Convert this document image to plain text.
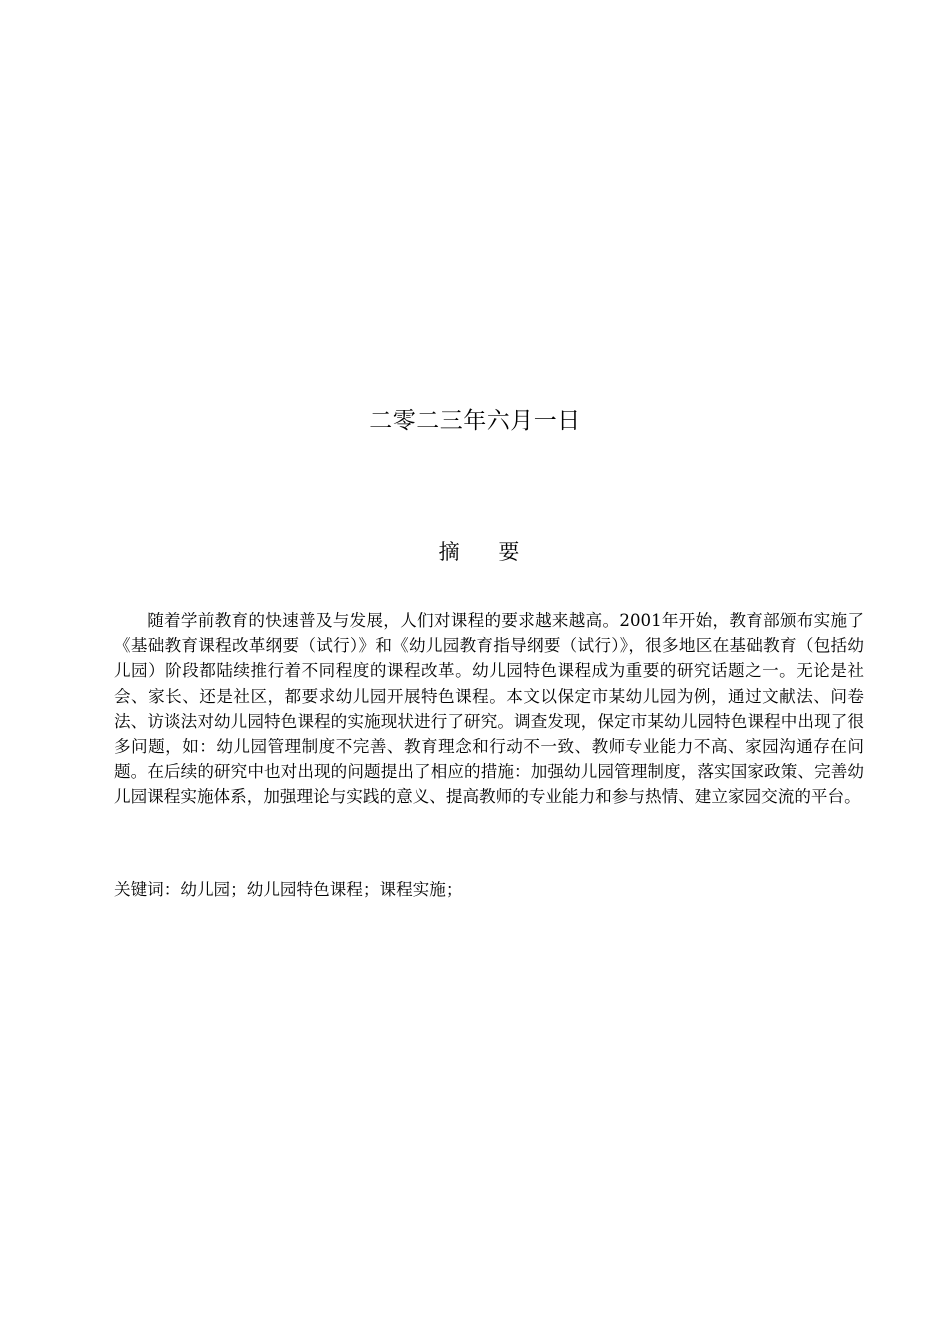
二零二三年六月一日
摘 要

随着学前教育的快速普及与发展，人们对课程的要求越来越高。2001年开始，教育部颁布实施了《基础教育课程改革纲要（试行）》和《幼儿园教育指导纲要（试行）》，很多地区在基础教育（包括幼儿园）阶段都陆续推行着不同程度的课程改革。幼儿园特色课程成为重要的研究话题之一。无论是社会、家长、还是社区，都要求幼儿园开展特色课程。本文以保定市某幼儿园为例，通过文献法、问卷法、访谈法对幼儿园特色课程的实施现状进行了研究。调查发现，保定市某幼儿园特色课程中出现了很多问题，如：幼儿园管理制度不完善、教育理念和行动不一致、教师专业能力不高、家园沟通存在问题。在后续的研究中也对出现的问题提出了相应的措施：加强幼儿园管理制度，落实国家政策、完善幼儿园课程实施体系，加强理论与实践的意义、提高教师的专业能力和参与热情、建立家园交流的平台。

关键词：幼儿园；幼儿园特色课程；课程实施；
